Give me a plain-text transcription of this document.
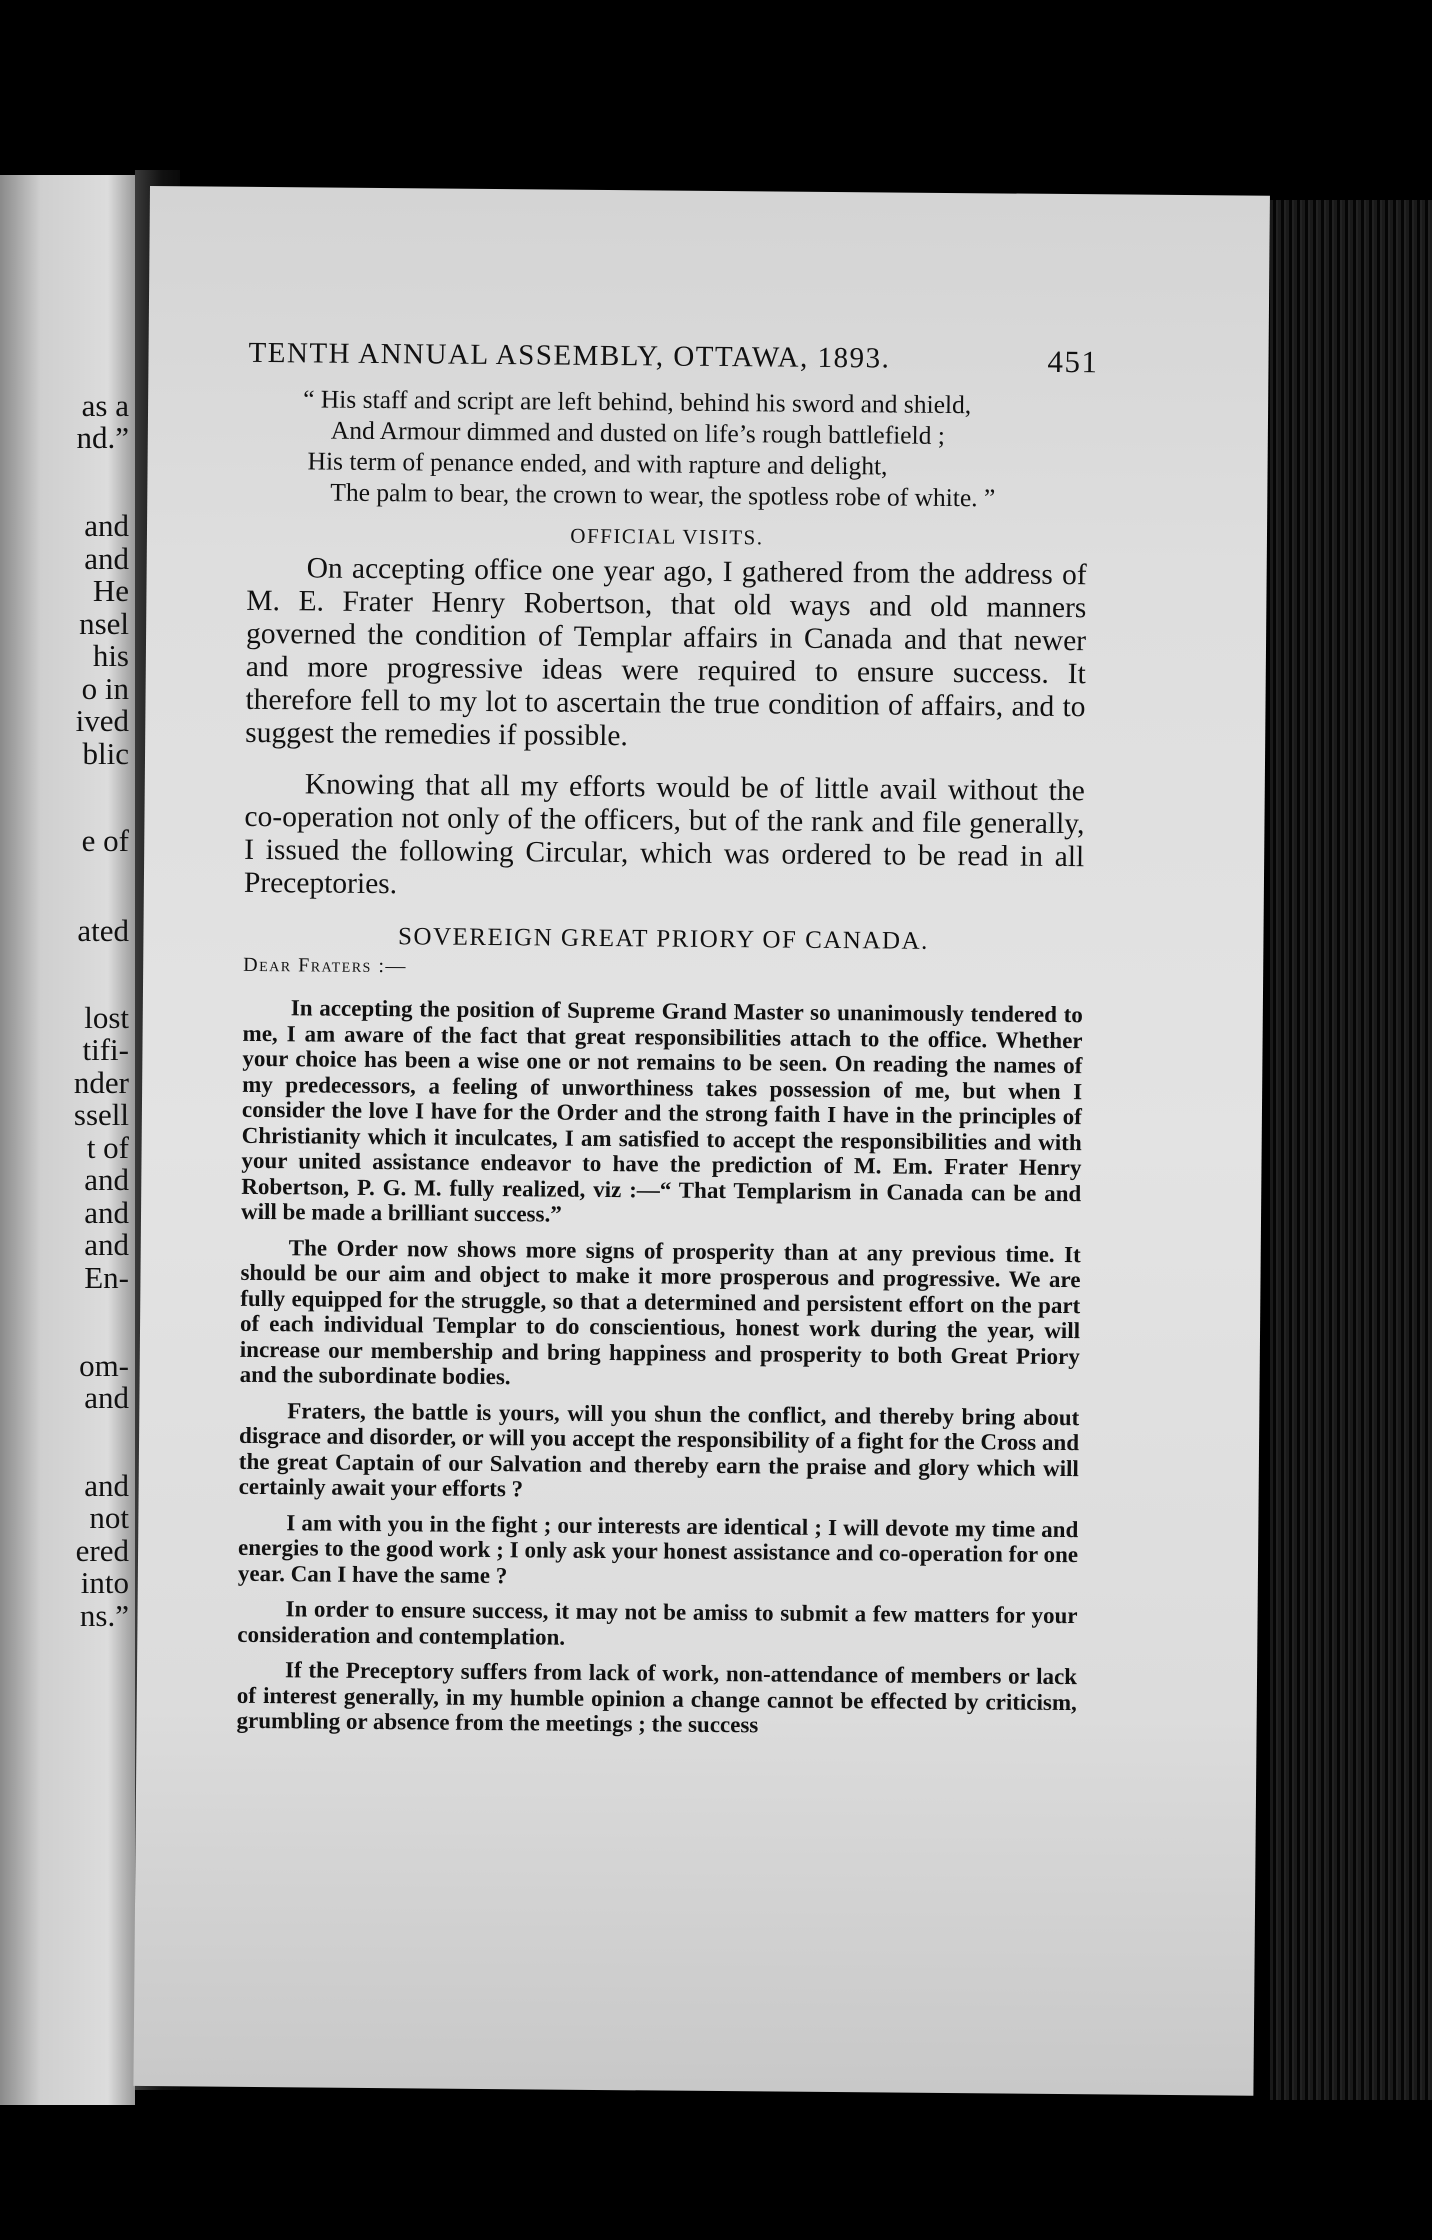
as a
nd.”
and
and
He
nsel
his
o in
ived
blic
e of
ated
lost
tifi-
nder
ssell
t of
and
and
and
En-
om-
and
and
not
ered
into
ns.”
TENTH ANNUAL ASSEMBLY, OTTAWA, 1893.	451
“ His staff and script are left behind, behind his sword and shield,
And Armour dimmed and dusted on life’s rough battlefield ;
His term of penance ended, and with rapture and delight,
The palm to bear, the crown to wear, the spotless robe of white. ”
OFFICIAL VISITS.

On accepting office one year ago, I gathered from the address of M. E. Frater Henry Robertson, that old ways and old manners governed the condition of Templar affairs in Canada and that newer and more progressive ideas were required to ensure success. It therefore fell to my lot to ascertain the true condition of affairs, and to suggest the remedies if possible.

Knowing that all my efforts would be of little avail without the co-operation not only of the officers, but of the rank and file generally, I issued the following Circular, which was ordered to be read in all Preceptories.

SOVEREIGN GREAT PRIORY OF CANADA.
Dear Fraters :—

In accepting the position of Supreme Grand Master so unanimously tendered to me, I am aware of the fact that great responsibilities attach to the office. Whether your choice has been a wise one or not remains to be seen. On reading the names of my predecessors, a feeling of unworthiness takes possession of me, but when I consider the love I have for the Order and the strong faith I have in the principles of Christianity which it inculcates, I am satisfied to accept the responsibilities and with your united assistance endeavor to have the prediction of M. Em. Frater Henry Robertson, P. G. M. fully realized, viz :—“ That Templarism in Canada can be and will be made a brilliant success.”

The Order now shows more signs of prosperity than at any previous time. It should be our aim and object to make it more prosperous and progressive. We are fully equipped for the struggle, so that a determined and persistent effort on the part of each individual Templar to do conscientious, honest work during the year, will increase our membership and bring happiness and prosperity to both Great Priory and the subordinate bodies.

Fraters, the battle is yours, will you shun the conflict, and thereby bring about disgrace and disorder, or will you accept the responsibility of a fight for the Cross and the great Captain of our Salvation and thereby earn the praise and glory which will certainly await your efforts ?

I am with you in the fight ; our interests are identical ; I will devote my time and energies to the good work ; I only ask your honest assistance and co-operation for one year. Can I have the same ?

In order to ensure success, it may not be amiss to submit a few matters for your consideration and contemplation.

If the Preceptory suffers from lack of work, non-attendance of members or lack of interest generally, in my humble opinion a change cannot be effected by criticism, grumbling or absence from the meetings ; the success
